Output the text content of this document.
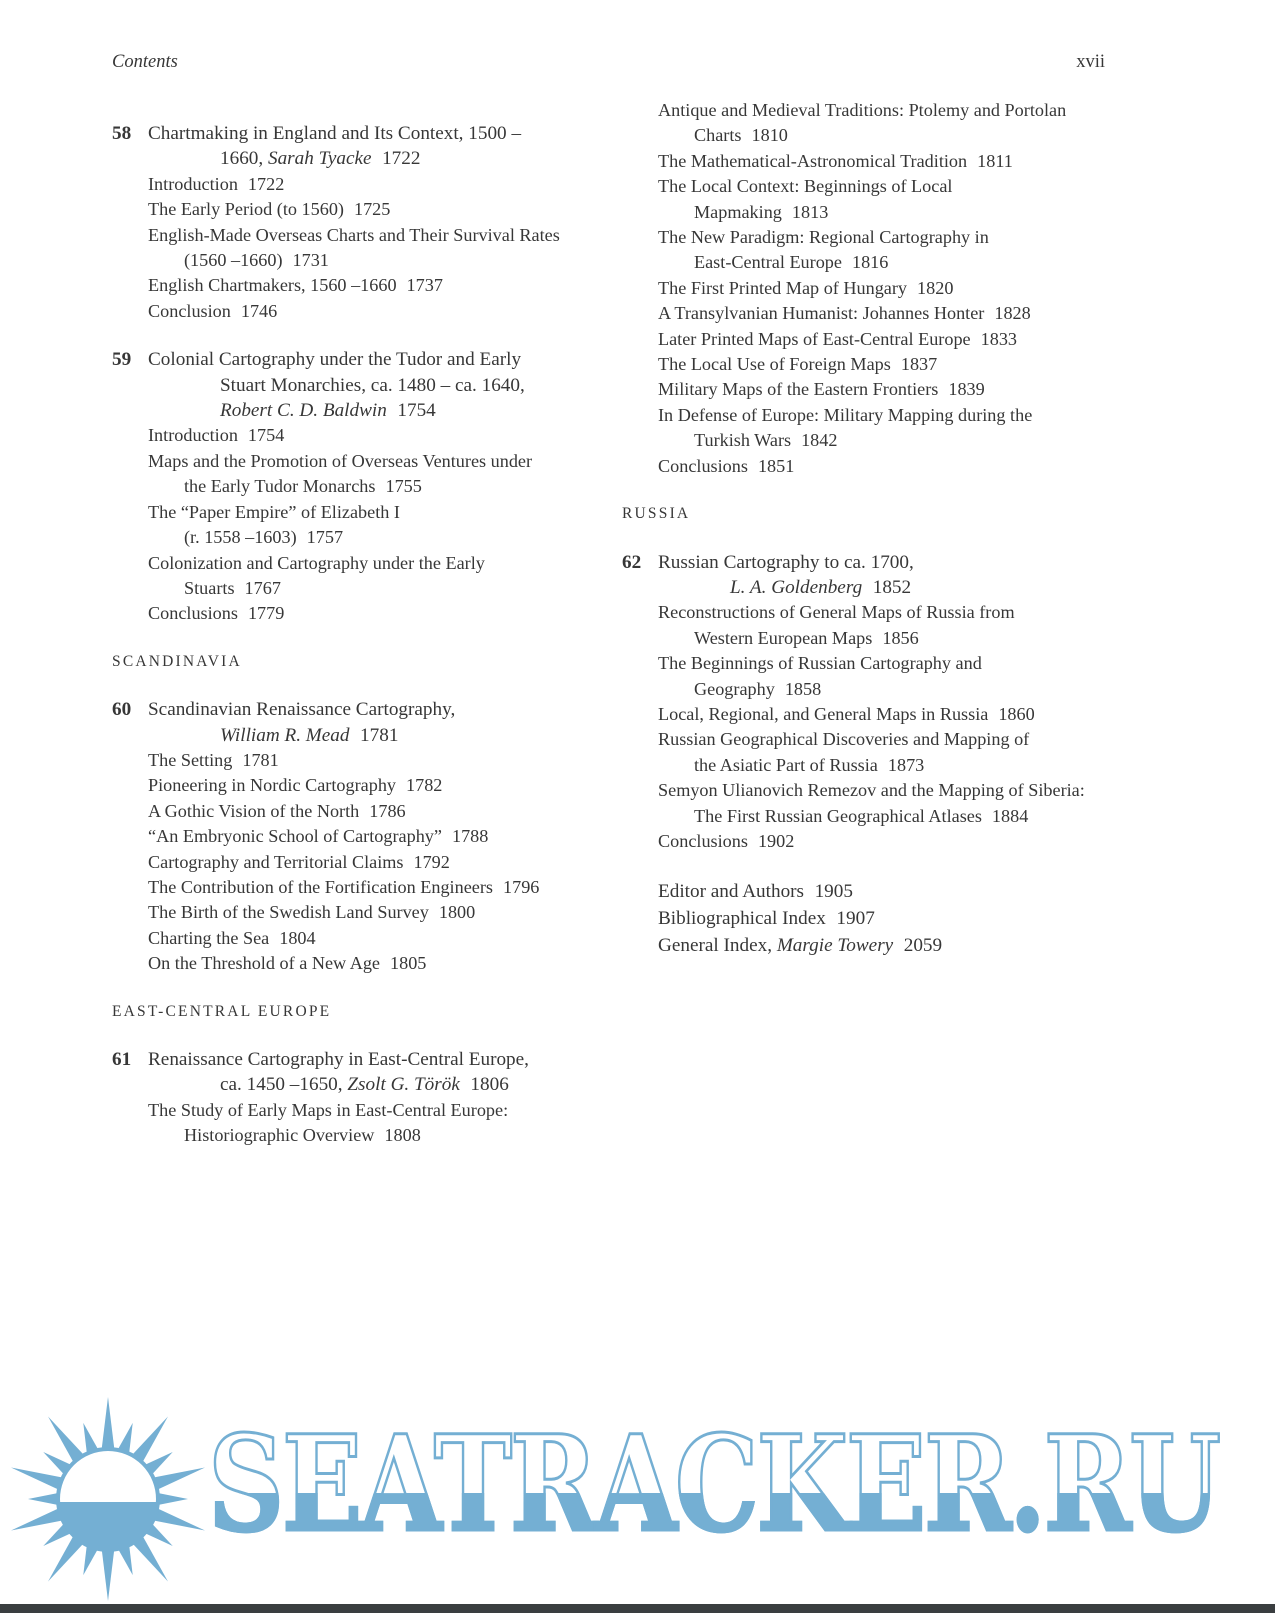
Contents	xvii
58 Chartmaking in England and Its Context, 1500 –
1660, Sarah Tyacke 1722
Introduction 1722
The Early Period (to 1560) 1725
English-Made Overseas Charts and Their Survival Rates
(1560 –1660) 1731
English Chartmakers, 1560 –1660 1737
Conclusion 1746
59 Colonial Cartography under the Tudor and Early
Stuart Monarchies, ca. 1480 – ca. 1640,
Robert C. D. Baldwin 1754
Introduction 1754
Maps and the Promotion of Overseas Ventures under
the Early Tudor Monarchs 1755
The “Paper Empire” of Elizabeth I
(r. 1558 –1603) 1757
Colonization and Cartography under the Early
Stuarts 1767
Conclusions 1779
SCANDINAVIA
60 Scandinavian Renaissance Cartography,
William R. Mead 1781
The Setting 1781
Pioneering in Nordic Cartography 1782
A Gothic Vision of the North 1786
“An Embryonic School of Cartography” 1788
Cartography and Territorial Claims 1792
The Contribution of the Fortification Engineers 1796
The Birth of the Swedish Land Survey 1800
Charting the Sea 1804
On the Threshold of a New Age 1805
EAST-CENTRAL EUROPE
61 Renaissance Cartography in East-Central Europe,
ca. 1450 –1650, Zsolt G. Török 1806
The Study of Early Maps in East-Central Europe:
Historiographic Overview 1808
Antique and Medieval Traditions: Ptolemy and Portolan
Charts 1810
The Mathematical-Astronomical Tradition 1811
The Local Context: Beginnings of Local
Mapmaking 1813
The New Paradigm: Regional Cartography in
East-Central Europe 1816
The First Printed Map of Hungary 1820
A Transylvanian Humanist: Johannes Honter 1828
Later Printed Maps of East-Central Europe 1833
The Local Use of Foreign Maps 1837
Military Maps of the Eastern Frontiers 1839
In Defense of Europe: Military Mapping during the
Turkish Wars 1842
Conclusions 1851
RUSSIA
62 Russian Cartography to ca. 1700,
L. A. Goldenberg 1852
Reconstructions of General Maps of Russia from
Western European Maps 1856
The Beginnings of Russian Cartography and
Geography 1858
Local, Regional, and General Maps in Russia 1860
Russian Geographical Discoveries and Mapping of
the Asiatic Part of Russia 1873
Semyon Ulianovich Remezov and the Mapping of Siberia:
The First Russian Geographical Atlases 1884
Conclusions 1902
Editor and Authors 1905
Bibliographical Index 1907
General Index, Margie Towery 2059
SEATRACKER.RU
